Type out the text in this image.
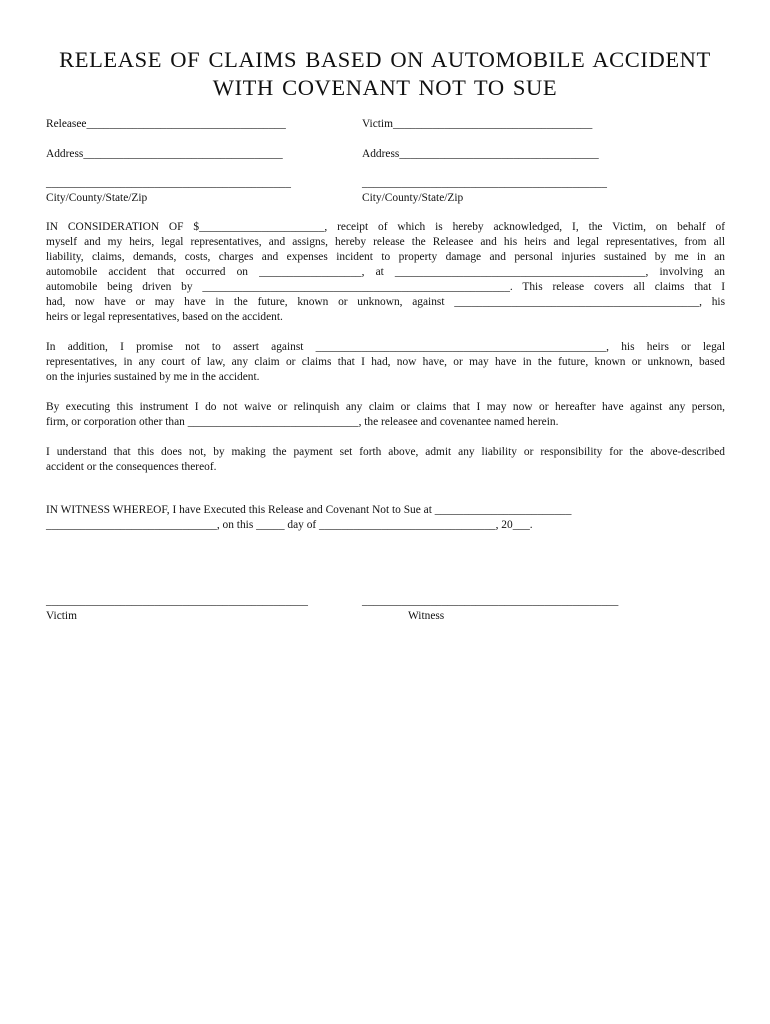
RELEASE OF CLAIMS BASED ON AUTOMOBILE ACCIDENT
WITH COVENANT NOT TO SUE
Releasee___________________________________	Victim___________________________________
Address___________________________________	Address___________________________________
___________________________________________	___________________________________________
City/County/State/Zip	City/County/State/Zip
IN CONSIDERATION OF $______________________, receipt of which is hereby acknowledged, I, the Victim, on behalf of
myself and my heirs, legal representatives, and assigns, hereby release the Releasee and his heirs and legal representatives, from all
liability, claims, demands, costs, charges and expenses incident to property damage and personal injuries sustained by me in an
automobile accident that occurred on __________________, at ____________________________________________, involving an
automobile being driven by ______________________________________________________. This release covers all claims that I
had, now have or may have in the future, known or unknown, against ___________________________________________, his
heirs or legal representatives, based on the accident.
In addition, I promise not to assert against ___________________________________________________, his heirs or legal
representatives, in any court of law, any claim or claims that I had, now have, or may have in the future, known or unknown, based
on the injuries sustained by me in the accident.
By executing this instrument I do not waive or relinquish any claim or claims that I may now or hereafter have against any person,
firm, or corporation other than ______________________________, the releasee and covenantee named herein.
I understand that this does not, by making the payment set forth above, admit any liability or responsibility for the above-described
accident or the consequences thereof.
IN WITNESS WHEREOF, I have Executed this Release and Covenant Not to Sue at ________________________
______________________________, on this _____ day of _______________________________, 20___.
______________________________________________	_____________________________________________
Victim	Witness
